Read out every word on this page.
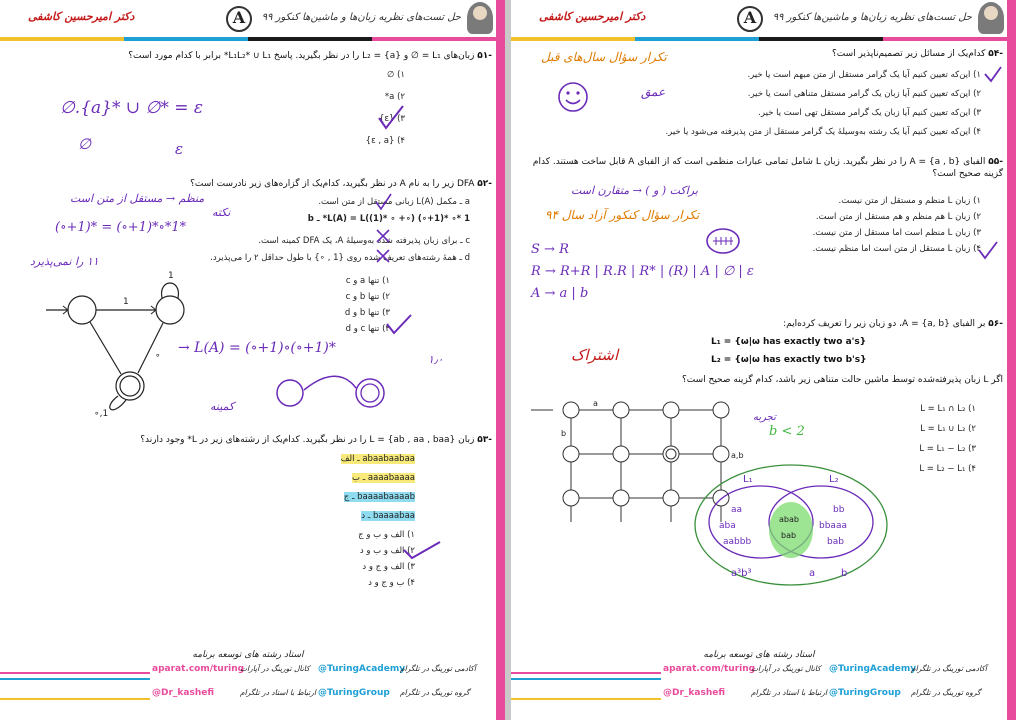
دکتر امیرحسین کاشفی	A	حل تست‌های نظریه زبان‌ها و ماشین‌ها کنکور ۹۹
-۵۱ زبان‌های L₁ = ∅ و L₂ = {a} را در نظر بگیرید. پاسخ L₁L₂* ∪ L₁* برابر با کدام مورد است؟
۱) ∅
۲) a*
۳) {ε}
۴) {ε , a}
∅.{a}* ∪ ∅* = ε
∅	ε
-۵۲ DFA زیر را به نام A در نظر بگیرید، کدام‌یک از گزاره‌های زیر نادرست است؟
a ـ مکمل L(A) زبانی مستقل از متن است.
L(A) = L((1)* ∘ +∘) (∘+1)* ∘* 1* ـ b
c ـ برای زبان پذیرفته شده به‌وسیلهٔ A، یک DFA کمینه است.
d ـ همهٔ رشته‌های تعریف شده روی {1 , ∘} با طول حداقل ۲ را می‌پذیرد.
منظم → مستقل از متن است
(∘+1)* = (∘+1)*∘*1*
نکته
۱۱ را نمی‌پذیرد
۱) تنها a و c
۲) تنها b و c
۳) تنها b و d
۴) تنها c و d
1
∘
1
∘,1
→ L(A) = (∘+1)∘(∘+1)*
کمینه
۱٫۰
-۵۳ زبان L = {ab , aa , baa} را در نظر بگیرید. کدام‌یک از رشته‌های زیر در L* وجود دارند؟
abaabaabaa ـ الف
aaaabaaaa ـ ب
baaaabaaaab ـ ج
baaaabaa ـ د
۱) الف و ب و ج
۲) الف و ب و د
۳) الف و ج و د
۴) ب و ج و د
استاد رشته های توسعه برنامه
aparat.com/turing
کانال تورینگ در آپارات @TuringAcademy
آکادمی تورینگ در تلگرام
@Dr_kashefi	ارتباط با استاد در تلگرام @TuringGroup گروه تورینگ در تلگرام
دکتر امیرحسین کاشفی	A	حل تست‌های نظریه زبان‌ها و ماشین‌ها کنکور ۹۹
-۵۴ کدام‌یک از مسائل زیر تصمیم‌ناپذیر است؟
تکرار سؤال سال‌های قبل
۱) این‌که تعیین کنیم آیا یک گرامر مستقل از متن مبهم است یا خیر.
۲) این‌که تعیین کنیم آیا زبان یک گرامر مستقل متناهی است یا خیر.
۳) این‌که تعیین کنیم آیا زبان یک گرامر مستقل تهی است یا خیر.
۴) این‌که تعیین کنیم آیا یک رشته به‌وسیلهٔ یک گرامر مستقل از متن پذیرفته می‌شود یا خیر.
عمق
-۵۵ الفبای A = {a , b} را در نظر بگیرید. زبان L شامل تمامی عبارات منظمی است که از الفبای A قابل ساخت هستند. کدام گزینه صحیح است؟
براکت ( و ) → متقارن است
تکرار سؤال کنکور آزاد سال ۹۴
۱) زبان L منظم و مستقل از متن نیست.
۲) زبان L هم منظم و هم مستقل از متن است.
۳) زبان L منظم است اما مستقل از متن نیست.
۴) زبان L مستقل از متن است اما منظم نیست.
S → R
R → R+R | R.R | R* | (R) | A | ∅ | ε
A → a | b
-۵۶ بر الفبای A = {a, b}، دو زبان زیر را تعریف کرده‌ایم:
L₁ = {ω|ω has exactly two a's}
L₂ = {ω|ω has exactly two b's}
اگر L زبان پذیرفته‌شده توسط ماشین حالت متناهی زیر باشد، کدام گزینه صحیح است؟
اشتراک
تجربه
b < 2
۱) L = L₁ ∩ L₂
۲) L = L₁ ∪ L₂
۳) L = L₁ − L₂
۴) L = L₂ − L₁
a
b
a,b
L₁	L₂
aa
aba
aabbb
bb
bbaaa
bab
abab
bab
a³b³	a	b
استاد رشته های توسعه برنامه
aparat.com/turing
کانال تورینگ در آپارات @TuringAcademy
آکادمی تورینگ در تلگرام
@Dr_kashefi	ارتباط با استاد در تلگرام @TuringGroup گروه تورینگ در تلگرام
